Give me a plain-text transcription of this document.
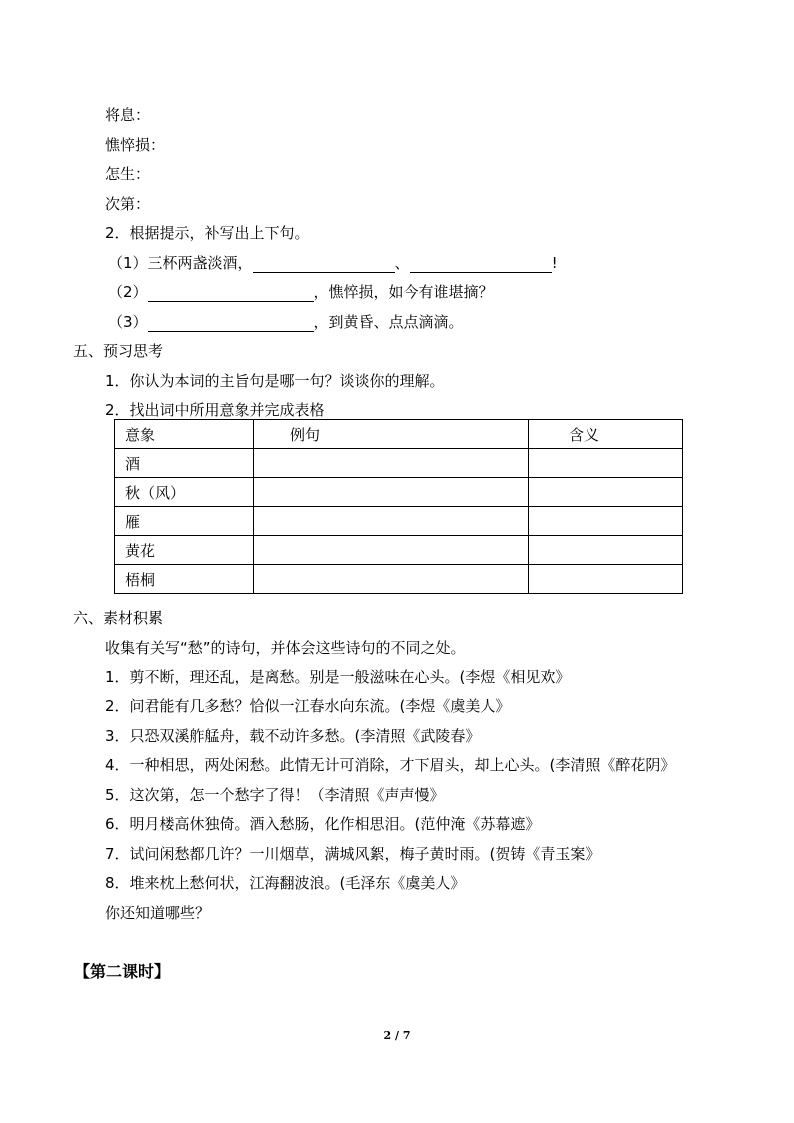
将息：
憔悴损：
怎生：
次第：
2．根据提示，补写出上下句。
（1）三杯两盏淡酒，	、	!
（2）	，憔悴损，如今有谁堪摘？
（3）	，到黄昏、点点滴滴。
五、预习思考
1．你认为本词的主旨句是哪一句？谈谈你的理解。
2．找出词中所用意象并完成表格
意象	例句	含义
酒		
秋（风）		
雁		
黄花		
梧桐		
六、素材积累
收集有关写“愁”的诗句，并体会这些诗句的不同之处。
1．剪不断，理还乱，是离愁。别是一般滋味在心头。(李煜《相见欢》
2．问君能有几多愁？恰似一江春水向东流。(李煜《虞美人》
3．只恐双溪舴艋舟，载不动许多愁。(李清照《武陵春》
4．一种相思，两处闲愁。此情无计可消除，才下眉头，却上心头。(李清照《醉花阴》
5．这次第，怎一个愁字了得！（李清照《声声慢》
6．明月楼高休独倚。酒入愁肠，化作相思泪。(范仲淹《苏幕遮》
7．试问闲愁都几许？一川烟草，满城风絮，梅子黄时雨。(贺铸《青玉案》
8．堆来枕上愁何状，江海翻波浪。(毛泽东《虞美人》
你还知道哪些？
【第二课时】
2 / 7
